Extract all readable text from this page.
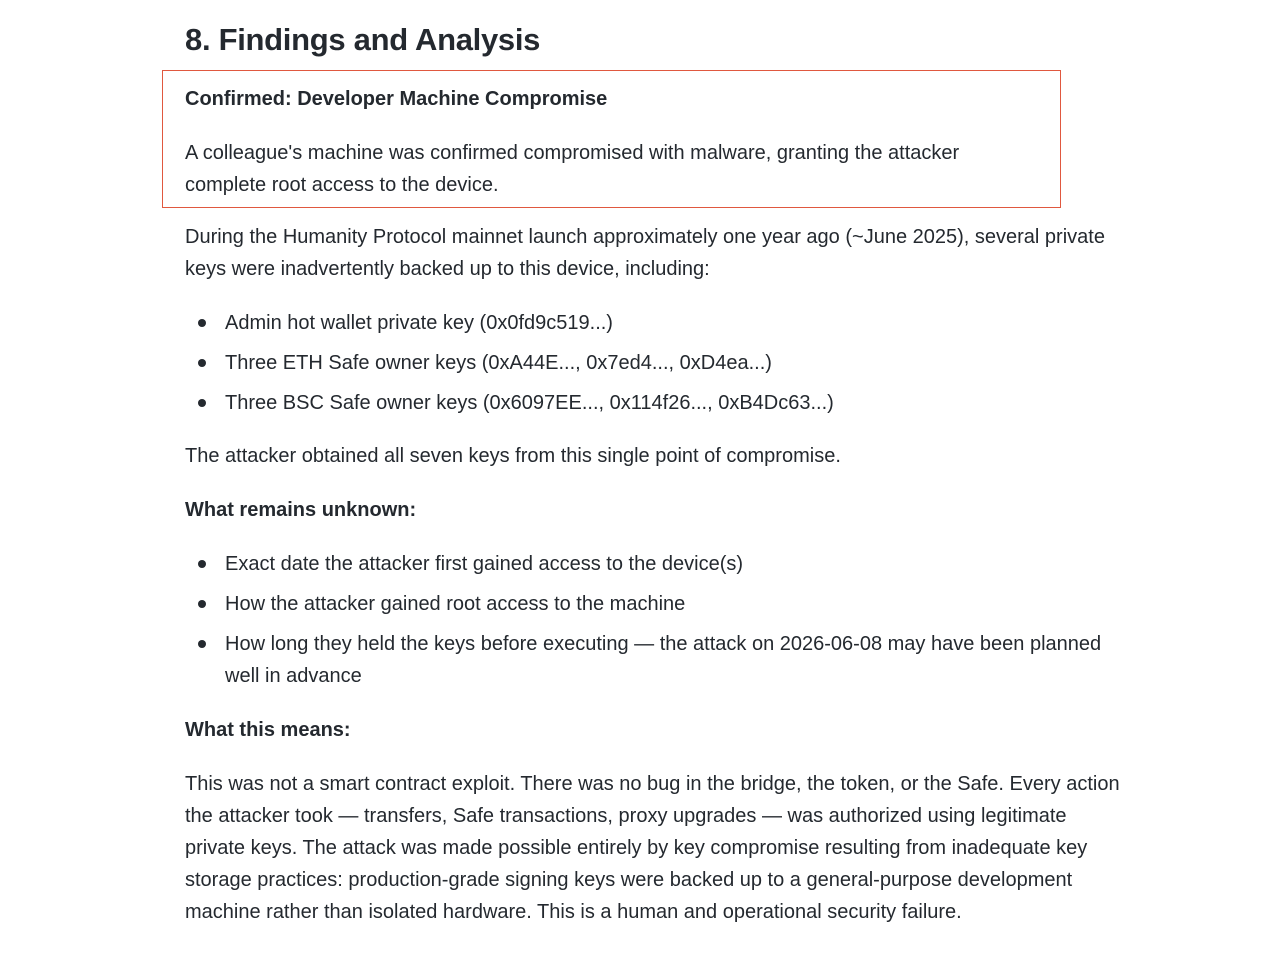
8. Findings and Analysis
Confirmed: Developer Machine Compromise
A colleague's machine was confirmed compromised with malware, granting the attacker complete root access to the device.

During the Humanity Protocol mainnet launch approximately one year ago (~June 2025), several private keys were inadvertently backed up to this device, including:

Admin hot wallet private key (0x0fd9c519...)
Three ETH Safe owner keys (0xA44E..., 0x7ed4..., 0xD4ea...)
Three BSC Safe owner keys (0x6097EE..., 0x114f26..., 0xB4Dc63...)

The attacker obtained all seven keys from this single point of compromise.

What remains unknown:

Exact date the attacker first gained access to the device(s)
How the attacker gained root access to the machine
How long they held the keys before executing — the attack on 2026-06-08 may have been planned well in advance

What this means:

This was not a smart contract exploit. There was no bug in the bridge, the token, or the Safe. Every action the attacker took — transfers, Safe transactions, proxy upgrades — was authorized using legitimate private keys. The attack was made possible entirely by key compromise resulting from inadequate key storage practices: production-grade signing keys were backed up to a general-purpose development machine rather than isolated hardware. This is a human and operational security failure.
